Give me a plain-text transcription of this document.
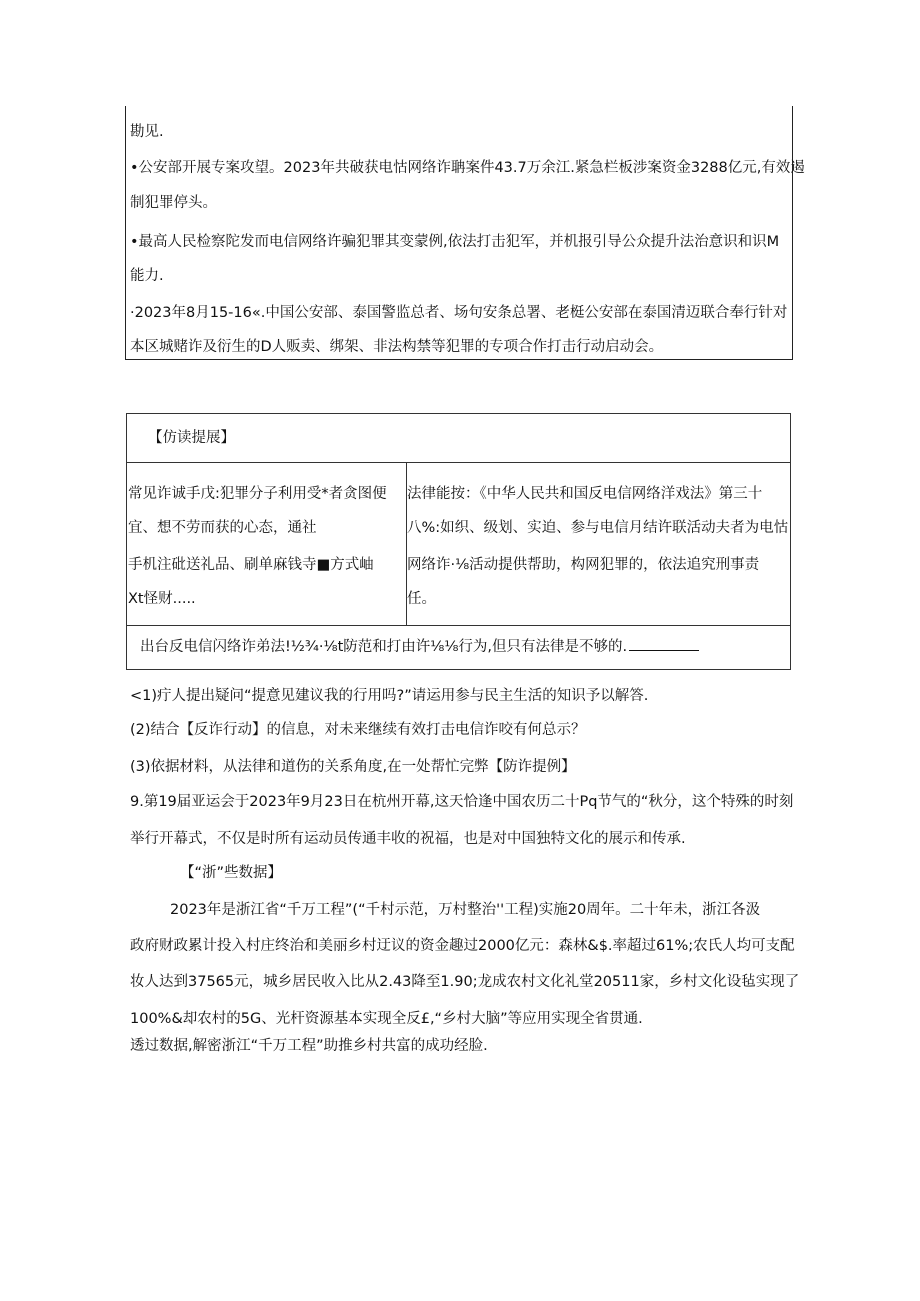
勘见.
•公安部开展专案攻望。2023年共破获电怙网络诈聃案件43.7万余江.紧急栏板涉案资金3288亿元,有效遏
制犯罪停头。
•最高人民检察陀发而电信网络许骗犯罪其变蒙例,依法打击犯军，并机报引导公众提升法治意识和识M
能力.
·2023年8月15-16«.中国公安部、泰国警监总者、场句安条总署、老梃公安部在泰国清迈联合奉行针对
本区城赌诈及衍生的D人贩卖、绑架、非法构禁等犯罪的专项合作打击行动启动会。
【仿读提展】
常见诈诚手戊:犯罪分子利用受*者贪图便
宜、想不劳而获的心态，通社
手机注砒送礼品、刷单麻钱寺■方式岫
Xt怪财.....
法律能按：《中华人民共和国反电信网络洋戏法》第三十
八%:如织、级划、实迫、参与电信月结许联活动夫者为电怙
网络诈·⅛活动提供帮助，构网犯罪的，依法追究刑事责
任。
出台反电信闪络诈弟法!½¾·⅛t防范和打由许⅛⅛行为,但只有法律是不够的.
<1)疔人提出疑问“提意见建议我的行用吗?”请运用参与民主生活的知识予以解答.
(2)结合【反诈行动】的信息，对未来继续有效打击电信诈咬有何总示？
(3)依据材料，从法律和道伤的关系角度,在一处帮忙完弊【防诈提例】
9.第19届亚运会于2023年9月23日在杭州开幕,这天恰逢中国农历二十Pq节气的“秋分，这个特殊的时刻
举行开幕式，不仅是时所有运动员传通丰收的祝福，也是对中国独特文化的展示和传承.
【“浙”些数据】
2023年是浙江省“千万工程”(“千村示范，万村整治''工程)实施20周年。二十年未，浙江各汲
政府财政累计投入村庄终治和美丽乡村迂议的资金趣过2000亿元：森林&$.率超过61%;农氏人均可支配
妆人达到37565元，城乡居民收入比从2.43降至1.90;龙成农村文化礼堂20511家，乡村文化设毡实现了
100%&却农村的5G、光杆资源基本实现全反£,“乡村大脑”等应用实现全省贯通.
透过数据,解密浙江“千万工程”助推乡村共富的成功经脸.
